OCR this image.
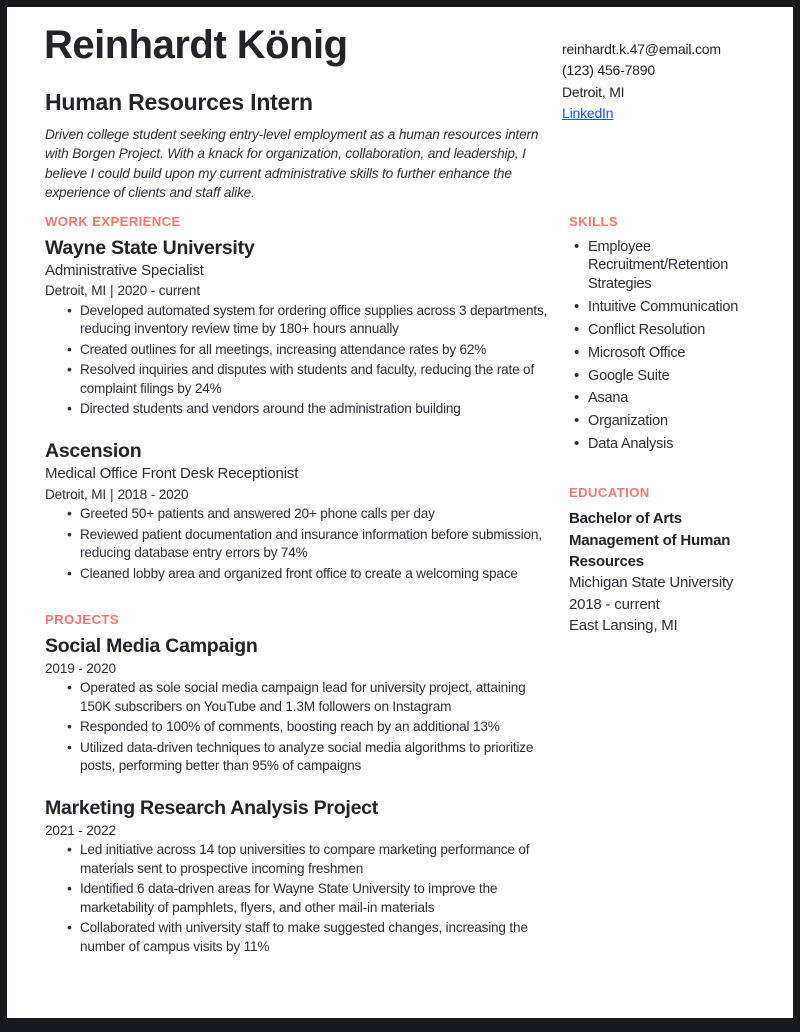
Reinhardt König
Human Resources Intern
Driven college student seeking entry-level employment as a human resources intern with Borgen Project. With a knack for organization, collaboration, and leadership, I believe I could build upon my current administrative skills to further enhance the experience of clients and staff alike.
reinhardt.k.47@email.com
(123) 456-7890
Detroit, MI
LinkedIn
WORK EXPERIENCE
Wayne State University
Administrative Specialist
Detroit, MI | 2020 - current
• Developed automated system for ordering office supplies across 3 departments, reducing inventory review time by 180+ hours annually
• Created outlines for all meetings, increasing attendance rates by 62%
• Resolved inquiries and disputes with students and faculty, reducing the rate of complaint filings by 24%
• Directed students and vendors around the administration building
Ascension
Medical Office Front Desk Receptionist
Detroit, MI | 2018 - 2020
• Greeted 50+ patients and answered 20+ phone calls per day
• Reviewed patient documentation and insurance information before submission, reducing database entry errors by 74%
• Cleaned lobby area and organized front office to create a welcoming space
PROJECTS
Social Media Campaign
2019 - 2020
• Operated as sole social media campaign lead for university project, attaining 150K subscribers on YouTube and 1.3M followers on Instagram
• Responded to 100% of comments, boosting reach by an additional 13%
• Utilized data-driven techniques to analyze social media algorithms to prioritize posts, performing better than 95% of campaigns
Marketing Research Analysis Project
2021 - 2022
• Led initiative across 14 top universities to compare marketing performance of materials sent to prospective incoming freshmen
• Identified 6 data-driven areas for Wayne State University to improve the marketability of pamphlets, flyers, and other mail-in materials
• Collaborated with university staff to make suggested changes, increasing the number of campus visits by 11%
SKILLS
• Employee Recruitment/Retention Strategies
• Intuitive Communication
• Conflict Resolution
• Microsoft Office
• Google Suite
• Asana
• Organization
• Data Analysis
EDUCATION
Bachelor of Arts
Management of Human Resources
Michigan State University
2018 - current
East Lansing, MI
